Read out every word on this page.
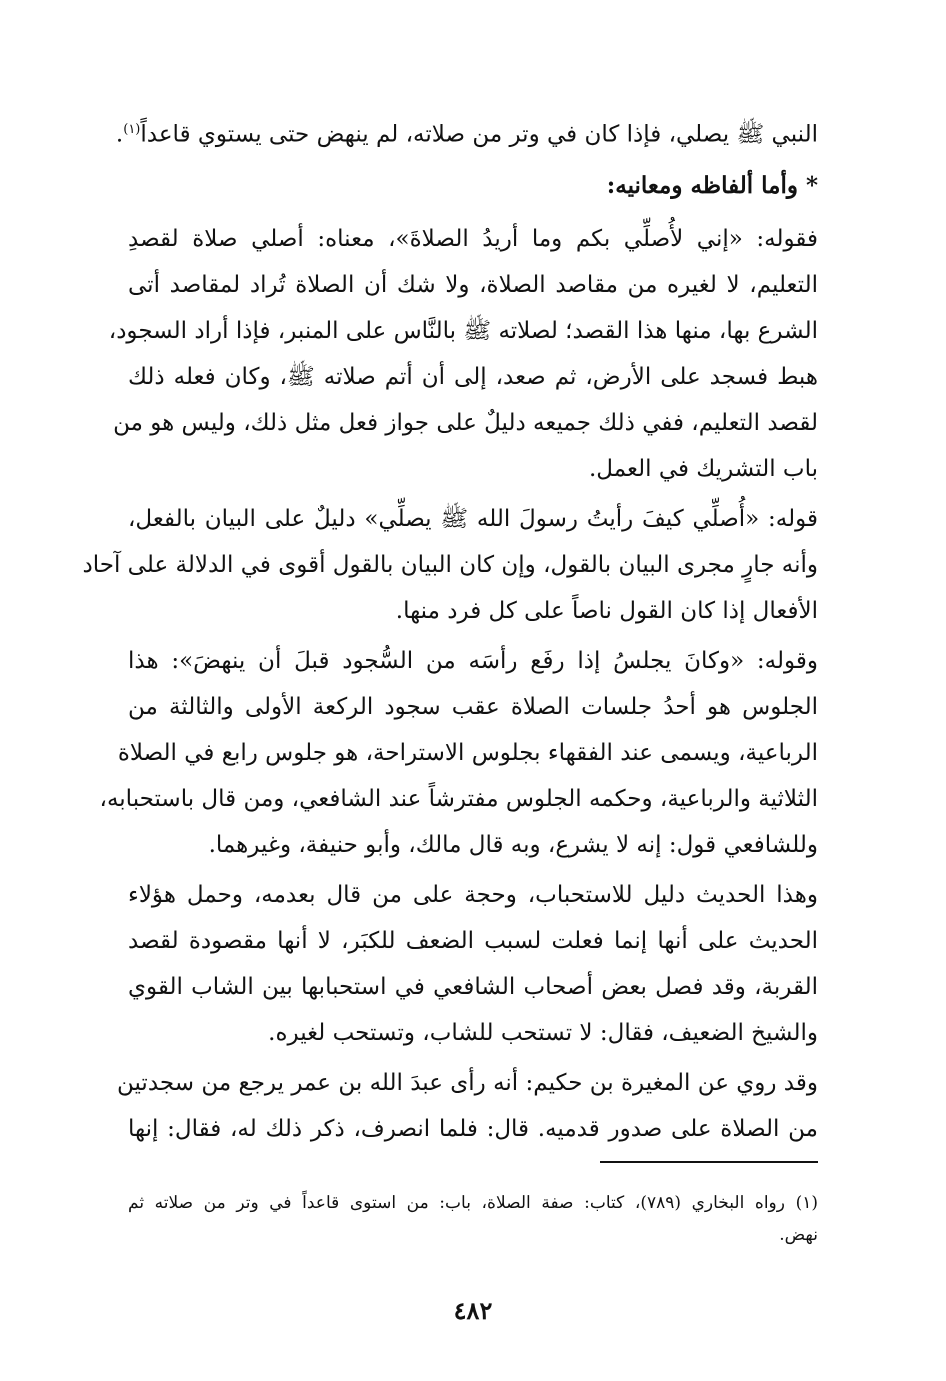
النبي ﷺ يصلي، فإذا كان في وتر من صلاته، لم ينهض حتى يستوي قاعداً$^{(١)}$.
* وأما ألفاظه ومعانيه:
فقوله: «إني لأُصلِّي بكم وما أريدُ الصلاةَ»، معناه: أصلي صلاة لقصدِ
التعليم، لا لغيره من مقاصد الصلاة، ولا شك أن الصلاة تُراد لمقاصد أتى
الشرع بها، منها هذا القصد؛ لصلاته ﷺ بالنَّاس على المنبر، فإذا أراد السجود،
هبط فسجد على الأرض، ثم صعد، إلى أن أتم صلاته ﷺ، وكان فعله ذلك
لقصد التعليم، ففي ذلك جميعه دليلٌ على جواز فعل مثل ذلك، وليس هو من
باب التشريك في العمل.
قوله: «أُصلِّي كيفَ رأيتُ رسولَ الله ﷺ يصلِّي» دليلٌ على البيان بالفعل،
وأنه جارٍ مجرى البيان بالقول، وإن كان البيان بالقول أقوى في الدلالة على آحاد
الأفعال إذا كان القول ناصاً على كل فرد منها.
وقوله: «وكانَ يجلسُ إذا رفَع رأسَه من السُّجود قبلَ أن ينهضَ»: هذا
الجلوس هو أحدُ جلسات الصلاة عقب سجود الركعة الأولى والثالثة من
الرباعية، ويسمى عند الفقهاء بجلوس الاستراحة، هو جلوس رابع في الصلاة
الثلاثية والرباعية، وحكمه الجلوس مفترشاً عند الشافعي، ومن قال باستحبابه،
وللشافعي قول: إنه لا يشرع، وبه قال مالك، وأبو حنيفة، وغيرهما.
وهذا الحديث دليل للاستحباب، وحجة على من قال بعدمه، وحمل هؤلاء
الحديث على أنها إنما فعلت لسبب الضعف للكبَر، لا أنها مقصودة لقصد
القربة، وقد فصل بعض أصحاب الشافعي في استحبابها بين الشاب القوي
والشيخ الضعيف، فقال: لا تستحب للشاب، وتستحب لغيره.
وقد روي عن المغيرة بن حكيم: أنه رأى عبدَ الله بن عمر يرجع من سجدتين
من الصلاة على صدور قدميه. قال: فلما انصرف، ذكر ذلك له، فقال: إنها
(١) رواه البخاري (٧٨٩)، كتاب: صفة الصلاة، باب: من استوى قاعداً في وتر من صلاته ثم
نهض.
٤٨٢
